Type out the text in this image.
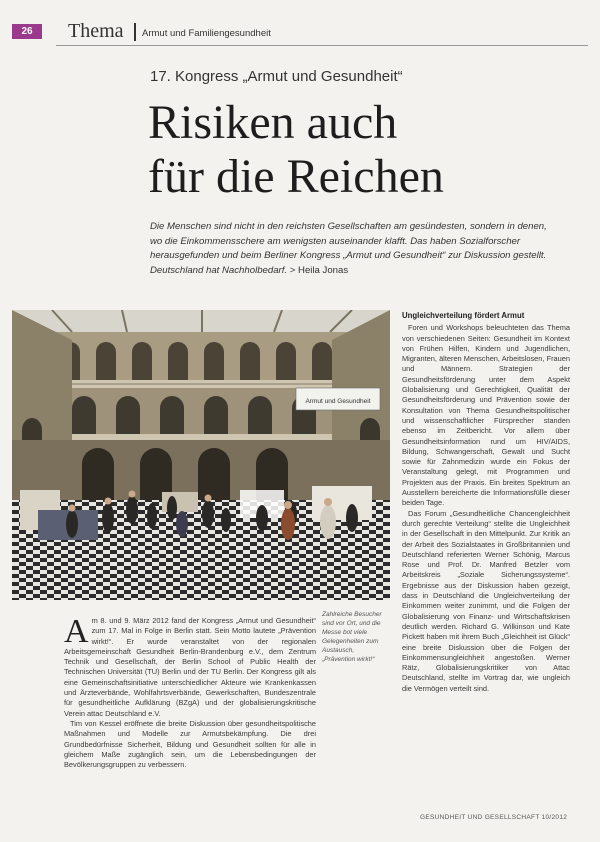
26	Thema Armut und Familiengesundheit
17. Kongress „Armut und Gesundheit“
Risiken auch
für die Reichen
Die Menschen sind nicht in den reichsten Gesellschaften am gesündesten, sondern in denen, wo die Einkommensschere am wenigsten auseinander klafft. Das haben Sozialforscher herausgefunden und beim Berliner Kongress „Armut und Gesundheit“ zur Diskussion gestellt. Deutschland hat Nachholbedarf. > Heila Jonas
Armut und Gesundheit
Ungleichverteilung fördert Armut

Foren und Workshops beleuchteten das Thema von verschiedenen Seiten: Gesundheit im Kontext von Frühen Hilfen, Kindern und Jugendlichen, Migranten, älteren Menschen, Arbeitslosen, Frauen und Männern. Strategien der Gesundheitsförderung unter dem Aspekt Globalisierung und Gerechtigkeit, Qualität der Gesundheitsförderung und Prävention sowie der Konsultation von Thema Gesundheitspolitischer und wissenschaftlicher Fürsprecher standen ebenso im Zeitbericht. Vor allem über Gesundheitsinformation rund um HIV/AIDS, Bildung, Schwangerschaft, Gewalt und Sucht sowie für Zahnmedizin wurde ein Fokus der Veranstaltung gelegt, mit Programmen und Projekten aus der Praxis. Ein breites Spektrum an Ausstellern bereicherte die Informationsfülle dieser beiden Tage.

Das Forum „Gesundheitliche Chancengleichheit durch gerechte Verteilung“ stellte die Ungleichheit in der Gesellschaft in den Mittelpunkt. Zur Kritik an der Arbeit des Sozialstaates in Großbritannien und Deutschland referierten Werner Schönig, Marcus Rose und Prof. Dr. Manfred Betzler vom Arbeitskreis „Soziale Sicherungssysteme“. Ergebnisse aus der Diskussion haben gezeigt, dass in Deutschland die Ungleichverteilung der Einkommen weiter zunimmt, und die Folgen der Globalisierung von Finanz- und Wirtschaftskrisen deutlich werden. Richard G. Wilkinson und Kate Pickett haben mit ihrem Buch „Gleichheit ist Glück“ eine breite Diskussion über die Folgen der Einkommensungleichheit angestoßen. Werner Rätz, Globalisierungskritiker von Attac Deutschland, stellte im Vortrag dar, wie ungleich die Vermögen verteilt sind.

Zahlreiche Besucher sind vor Ort, und die Messe bot viele Gelegenheiten zum Austausch, „Prävention wirkt!“

Am 8. und 9. März 2012 fand der Kongress „Armut und Gesundheit“ zum 17. Mal in Folge in Berlin statt. Sein Motto lautete „Prävention wirkt!“. Er wurde veranstaltet von der regionalen Arbeitsgemeinschaft Gesundheit Berlin-Brandenburg e.V., dem Zentrum Technik und Gesellschaft, der Berlin School of Public Health der Technischen Universität (TU) Berlin und der TU Berlin. Der Kongress gilt als eine Gemeinschaftsinitiative unterschiedlicher Akteure wie Krankenkassen und Ärzteverbände, Wohlfahrtsverbände, Gewerkschaften, Bundeszentrale für gesundheitliche Aufklärung (BZgA) und der globalisierungskritische Verein attac Deutschland e.V.

Tim von Kessel eröffnete die breite Diskussion über gesundheitspolitische Maßnahmen und Modelle zur Armutsbekämpfung. Die drei Grundbedürfnisse Sicherheit, Bildung und Gesundheit sollten für alle in gleichem Maße zugänglich sein, um die Lebensbedingungen der Bevölkerungsgruppen zu verbessern.

GESUNDHEIT UND GESELLSCHAFT 10/2012
